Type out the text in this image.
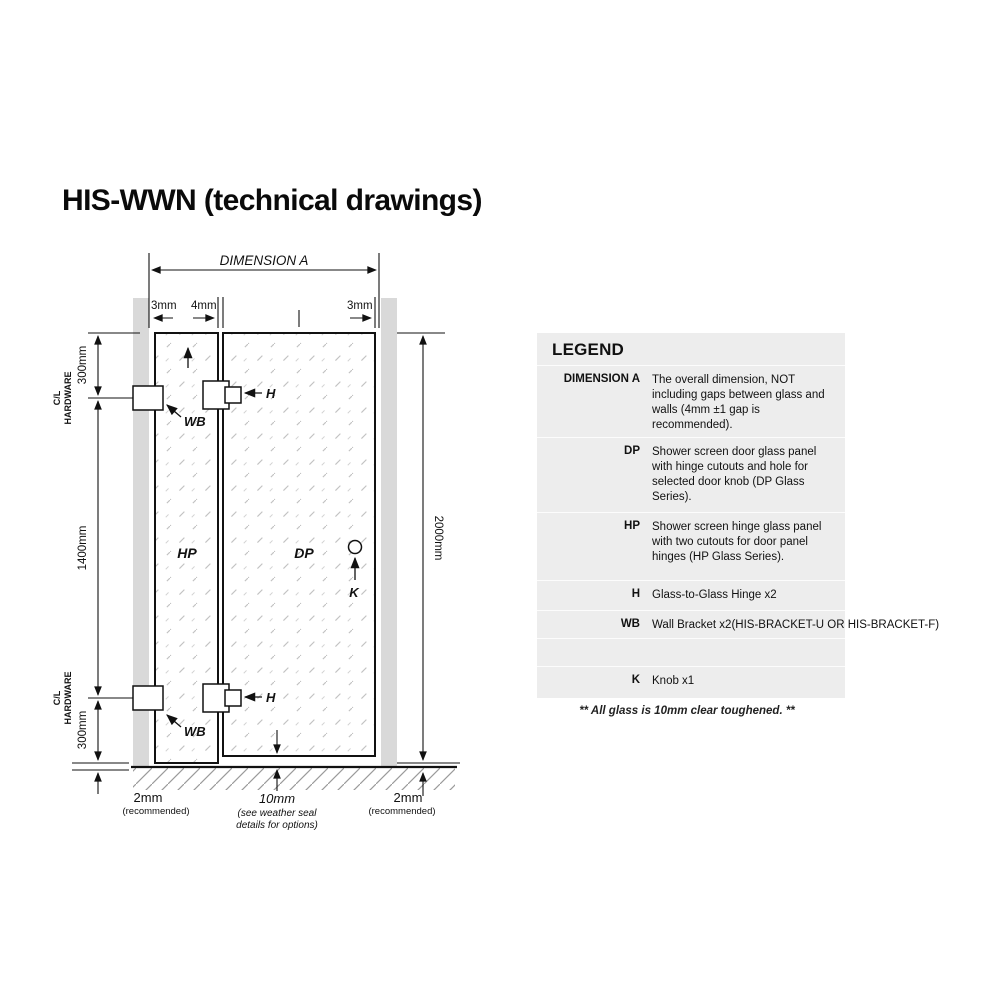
HIS-WWN (technical drawings)
DIMENSION A
3mm 4mm	3mm
300mm
C/L HARDWARE
1400mm
C/L HARDWARE
300mm
2mm
(recommended)
2000mm
2mm
(recommended)
10mm
(see weather seal
details for options)
HP	DP
K
WB
WB
H
H
LEGEND
DIMENSION A The overall dimension, NOT including gaps between glass and walls (4mm ±1 gap is recommended).
DP Shower screen door glass panel with hinge cutouts and hole for selected door knob (DP Glass Series).
HP Shower screen hinge glass panel with two cutouts for door panel hinges (HP Glass Series).
H Glass-to-Glass Hinge x2
WB Wall Bracket x2(HIS-BRACKET-U OR HIS-BRACKET-F)
K Knob x1
** All glass is 10mm clear toughened. **
